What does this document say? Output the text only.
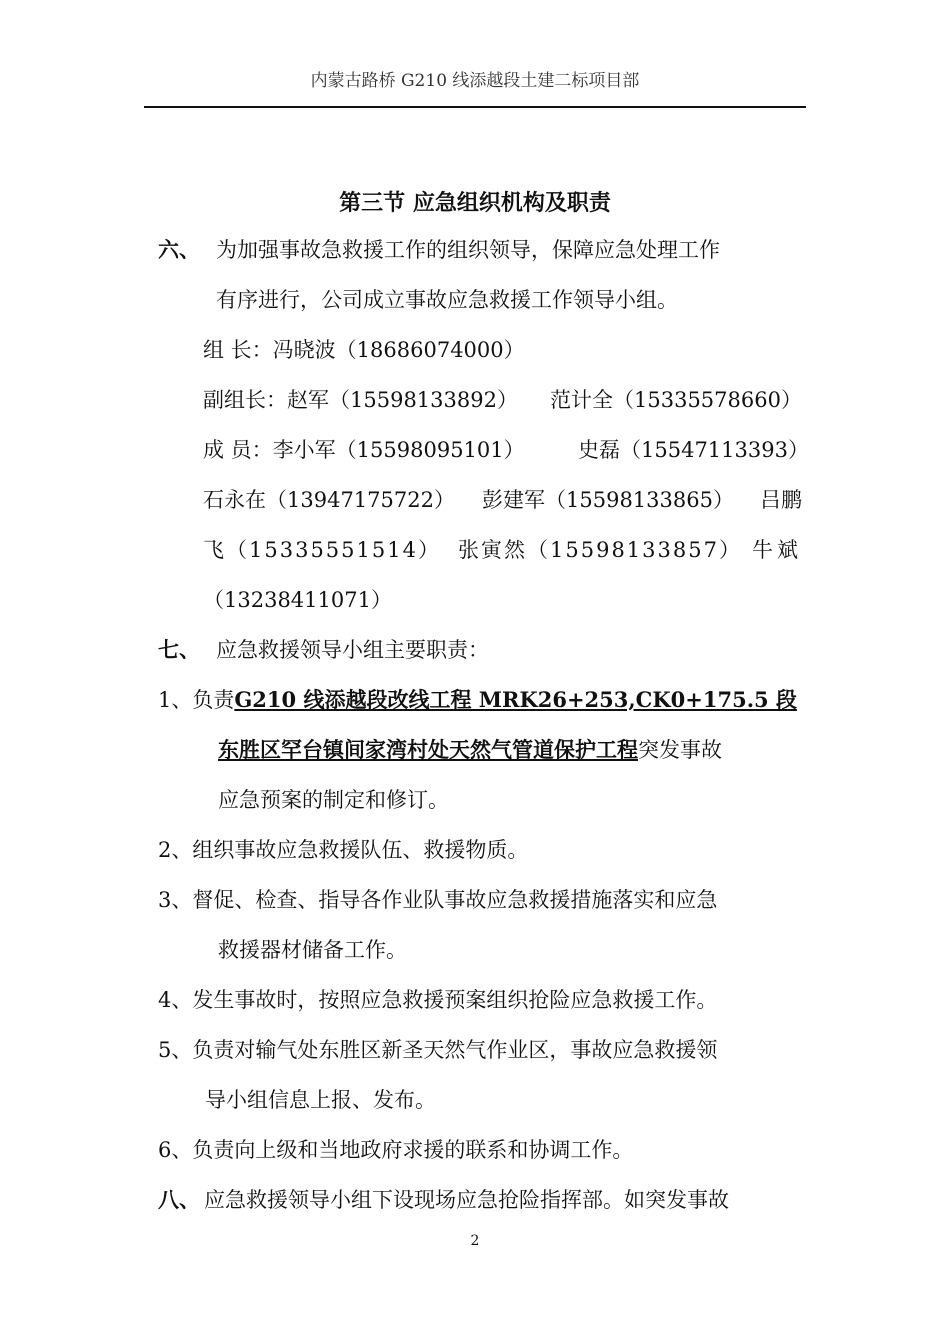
内蒙古路桥 G210 线添越段土建二标项目部
第三节 应急组织机构及职责
六、 为加强事故急救援工作的组织领导，保障应急处理工作
有序进行，公司成立事故应急救援工作领导小组。
组 长：冯晓波（18686074000）
副组长：赵军（15598133892） 范计全（15335578660）
成 员：李小军（15598095101）	史磊（15547113393）
石永在（13947175722） 彭建军（15598133865） 吕鹏
飞（15335551514） 张寅然（15598133857） 牛斌
（13238411071）
七、 应急救援领导小组主要职责：
1、负责G210 线添越段改线工程 MRK26+253,CK0+175.5 段
东胜区罕台镇间家湾村处天然气管道保护工程突发事故
应急预案的制定和修订。
2、组织事故应急救援队伍、救援物质。
3、督促、检查、指导各作业队事故应急救援措施落实和应急
救援器材储备工作。
4、发生事故时，按照应急救援预案组织抢险应急救援工作。
5、负责对输气处东胜区新圣天然气作业区，事故应急救援领
导小组信息上报、发布。
6、负责向上级和当地政府求援的联系和协调工作。
八、 应急救援领导小组下设现场应急抢险指挥部。如突发事故
2
